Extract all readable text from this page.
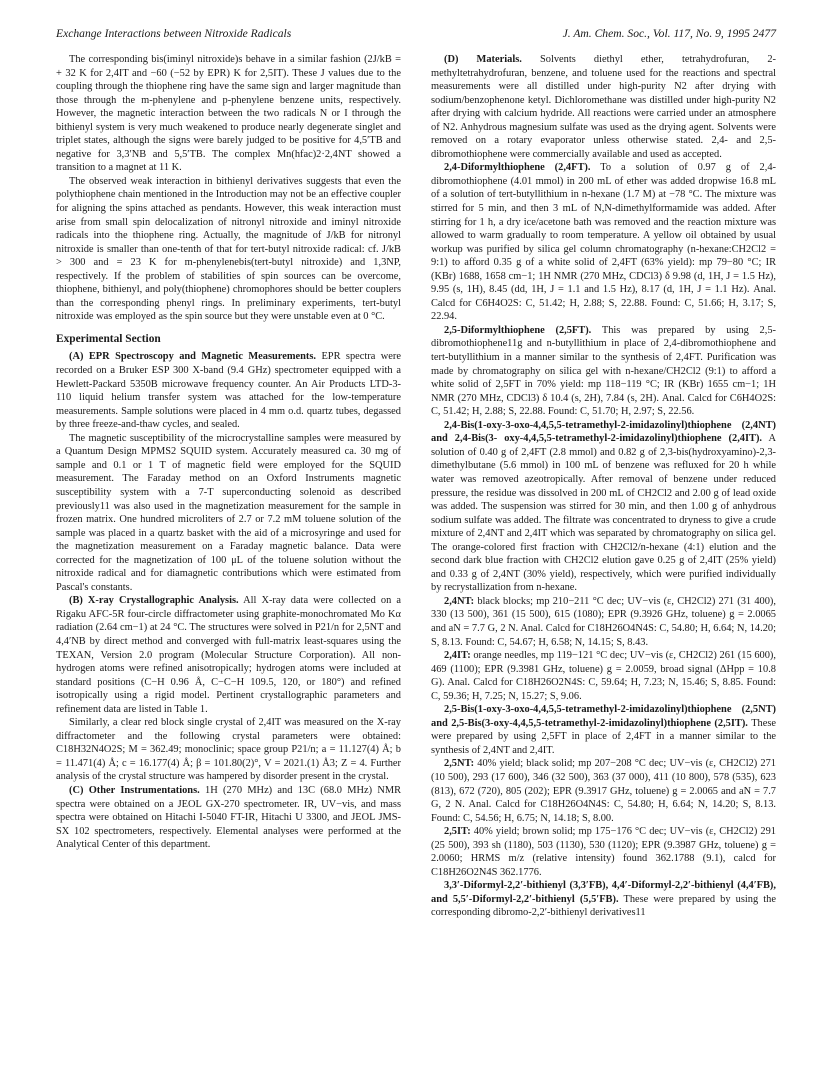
Exchange Interactions between Nitroxide Radicals	J. Am. Chem. Soc., Vol. 117, No. 9, 1995 2477

The corresponding bis(iminyl nitroxide)s behave in a similar fashion (2J/kB = + 32 K for 2,4IT and −60 (−52 by EPR) K for 2,5IT). These J values due to the coupling through the thiophene ring have the same sign and larger magnitude than those through the m-phenylene and p-phenylene benzene units, respectively. However, the magnetic interaction between the two radicals N or I through the bithienyl system is very much weakened to produce nearly degenerate singlet and triplet states, although the signs were barely judged to be positive for 4,5′TB and negative for 3,3′NB and 5,5′TB. The complex Mn(hfac)2·2,4NT showed a transition to a magnet at 11 K.

The observed weak interaction in bithienyl derivatives suggests that even the polythiophene chain mentioned in the Introduction may not be an effective coupler for aligning the spins attached as pendants. However, this weak interaction must arise from small spin delocalization of nitronyl nitroxide and iminyl nitroxide radicals into the thiophene ring. Actually, the magnitude of J/kB for nitronyl nitroxide is smaller than one-tenth of that for tert-butyl nitroxide radical: cf. J/kB > 300 and = 23 K for m-phenylenebis(tert-butyl nitroxide) and 1,3NP, respectively. If the problem of stabilities of spin sources can be overcome, thiophene, bithienyl, and poly(thiophene) chromophores should be better couplers than the corresponding phenyl rings. In preliminary experiments, tert-butyl nitroxide was employed as the spin source but they were unstable even at 0 °C.

Experimental Section

(A) EPR Spectroscopy and Magnetic Measurements. EPR spectra were recorded on a Bruker ESP 300 X-band (9.4 GHz) spectrometer equipped with a Hewlett-Packard 5350B microwave frequency counter. An Air Products LTD-3-110 liquid helium transfer system was attached for the low-temperature measurements. Sample solutions were placed in 4 mm o.d. quartz tubes, degassed by three freeze-and-thaw cycles, and sealed.

The magnetic susceptibility of the microcrystalline samples were measured by a Quantum Design MPMS2 SQUID system. Accurately measured ca. 30 mg of sample and 0.1 or 1 T of magnetic field were employed for the SQUID measurement. The Faraday method on an Oxford Instruments magnetic susceptibility system with a 7-T superconducting solenoid as described previously11 was also used in the magnetization measurement for the sample in frozen matrix. One hundred microliters of 2.7 or 7.2 mM toluene solution of the sample was placed in a quartz basket with the aid of a microsyringe and used for the magnetization measurement on a Faraday magnetic balance. Data were corrected for the magnetization of 100 μL of the toluene solution without the nitroxide radical and for diamagnetic contributions which were estimated from Pascal's constants.

(B) X-ray Crystallographic Analysis. All X-ray data were collected on a Rigaku AFC-5R four-circle diffractometer using graphite-monochromated Mo Kα radiation (2.64 cm−1) at 24 °C. The structures were solved in P21/n for 2,5NT and 4,4′NB by direct method and converged with full-matrix least-squares using the TEXAN, Version 2.0 program (Molecular Structure Corporation). All non-hydrogen atoms were refined anisotropically; hydrogen atoms were included at standard positions (C−H 0.96 Å, C−C−H 109.5, 120, or 180°) and refined isotropically using a rigid model. Pertinent crystallographic parameters and refinement data are listed in Table 1.

Similarly, a clear red block single crystal of 2,4IT was measured on the X-ray diffractometer and the following crystal parameters were obtained: C18H32N4O2S; M = 362.49; monoclinic; space group P21/n; a = 11.127(4) Å; b = 11.471(4) Å; c = 16.177(4) Å; β = 101.80(2)°, V = 2021.(1) Å3; Z = 4. Further analysis of the crystal structure was hampered by disorder present in the crystal.

(C) Other Instrumentations. 1H (270 MHz) and 13C (68.0 MHz) NMR spectra were obtained on a JEOL GX-270 spectrometer. IR, UV−vis, and mass spectra were obtained on Hitachi I-5040 FT-IR, Hitachi U 3300, and JEOL JMS-SX 102 spectrometers, respectively. Elemental analyses were performed at the Analytical Center of this department.

(D) Materials. Solvents diethyl ether, tetrahydrofuran, 2-methyltetrahydrofuran, benzene, and toluene used for the reactions and spectral measurements were all distilled under high-purity N2 after drying with sodium/benzophenone ketyl. Dichloromethane was distilled under high-purity N2 after drying with calcium hydride. All reactions were carried under an atmosphere of N2. Anhydrous magnesium sulfate was used as the drying agent. Solvents were removed on a rotary evaporator unless otherwise stated. 2,4- and 2,5-dibromothiophene were commercially available and used as accepted.

2,4-Diformylthiophene (2,4FT). To a solution of 0.97 g of 2,4-dibromothiophene (4.01 mmol) in 200 mL of ether was added dropwise 16.8 mL of a solution of tert-butyllithium in n-hexane (1.7 M) at −78 °C. The mixture was stirred for 5 min, and then 3 mL of N,N-dimethylformamide was added. After stirring for 1 h, a dry ice/acetone bath was removed and the reaction mixture was allowed to warm gradually to room temperature. A yellow oil obtained by usual workup was purified by silica gel column chromatography (n-hexane:CH2Cl2 = 9:1) to afford 0.35 g of a white solid of 2,4FT (63% yield): mp 79−80 °C; IR (KBr) 1688, 1658 cm−1; 1H NMR (270 MHz, CDCl3) δ 9.98 (d, 1H, J = 1.5 Hz), 9.95 (s, 1H), 8.45 (dd, 1H, J = 1.1 and 1.5 Hz), 8.17 (d, 1H, J = 1.1 Hz). Anal. Calcd for C6H4O2S: C, 51.42; H, 2.88; S, 22.88. Found: C, 51.66; H, 3.17; S, 22.94.

2,5-Diformylthiophene (2,5FT). This was prepared by using 2,5-dibromothiophene11g and n-butyllithium in place of 2,4-dibromothiophene and tert-butyllithium in a manner similar to the synthesis of 2,4FT. Purification was made by chromatography on silica gel with n-hexane/CH2Cl2 (9:1) to afford a white solid of 2,5FT in 70% yield: mp 118−119 °C; IR (KBr) 1655 cm−1; 1H NMR (270 MHz, CDCl3) δ 10.4 (s, 2H), 7.84 (s, 2H). Anal. Calcd for C6H4O2S: C, 51.42; H, 2.88; S, 22.88. Found: C, 51.70; H, 2.97; S, 22.56.

2,4-Bis(1-oxy-3-oxo-4,4,5,5-tetramethyl-2-imidazolinyl)thiophene (2,4NT) and 2,4-Bis(3- oxy-4,4,5,5-tetramethyl-2-imidazolinyl)thiophene (2,4IT). A solution of 0.40 g of 2,4FT (2.8 mmol) and 0.82 g of 2,3-bis(hydroxyamino)-2,3-dimethylbutane (5.6 mmol) in 100 mL of benzene was refluxed for 20 h while water was removed azeotropically. After removal of benzene under reduced pressure, the residue was dissolved in 200 mL of CH2Cl2 and 2.00 g of lead oxide was added. The suspension was stirred for 30 min, and then 1.00 g of anhydrous sodium sulfate was added. The filtrate was concentrated to dryness to give a crude mixture of 2,4NT and 2,4IT which was separated by chromatography on silica gel. The orange-colored first fraction with CH2Cl2/n-hexane (4:1) elution and the second dark blue fraction with CH2Cl2 elution gave 0.25 g of 2,4IT (25% yield) and 0.33 g of 2,4NT (30% yield), respectively, which were purified individually by recrystallization from n-hexane.

2,4NT: black blocks; mp 210−211 °C dec; UV−vis (ε, CH2Cl2) 271 (31 400), 330 (13 500), 361 (15 500), 615 (1080); EPR (9.3926 GHz, toluene) g = 2.0065 and aN = 7.7 G, 2 N. Anal. Calcd for C18H26O4N4S: C, 54.80; H, 6.64; N, 14.20; S, 8.13. Found: C, 54.67; H, 6.58; N, 14.15; S, 8.43.

2,4IT: orange needles, mp 119−121 °C dec; UV−vis (ε, CH2Cl2) 261 (15 600), 469 (1100); EPR (9.3981 GHz, toluene) g = 2.0059, broad signal (ΔHpp = 10.8 G). Anal. Calcd for C18H26O2N4S: C, 59.64; H, 7.23; N, 15.46; S, 8.85. Found: C, 59.36; H, 7.25; N, 15.27; S, 9.06.

2,5-Bis(1-oxy-3-oxo-4,4,5,5-tetramethyl-2-imidazolinyl)thiophene (2,5NT) and 2,5-Bis(3-oxy-4,4,5,5-tetramethyl-2-imidazolinyl)thiophene (2,5IT). These were prepared by using 2,5FT in place of 2,4FT in a manner similar to the synthesis of 2,4NT and 2,4IT.

2,5NT: 40% yield; black solid; mp 207−208 °C dec; UV−vis (ε, CH2Cl2) 271 (10 500), 293 (17 600), 346 (32 500), 363 (37 000), 411 (10 800), 578 (535), 623 (813), 672 (720), 805 (202); EPR (9.3917 GHz, toluene) g = 2.0065 and aN = 7.7 G, 2 N. Anal. Calcd for C18H26O4N4S: C, 54.80; H, 6.64; N, 14.20; S, 8.13. Found: C, 54.56; H, 6.75; N, 14.18; S, 8.00.

2,5IT: 40% yield; brown solid; mp 175−176 °C dec; UV−vis (ε, CH2Cl2) 291 (25 500), 393 sh (1180), 503 (1130), 530 (1120); EPR (9.3987 GHz, toluene) g = 2.0060; HRMS m/z (relative intensity) found 362.1788 (9.1), calcd for C18H26O2N4S 362.1776.

3,3′-Diformyl-2,2′-bithienyl (3,3′FB), 4,4′-Diformyl-2,2′-bithienyl (4,4′FB), and 5,5′-Diformyl-2,2′-bithienyl (5,5′FB). These were prepared by using the corresponding dibromo-2,2′-bithienyl derivatives11
